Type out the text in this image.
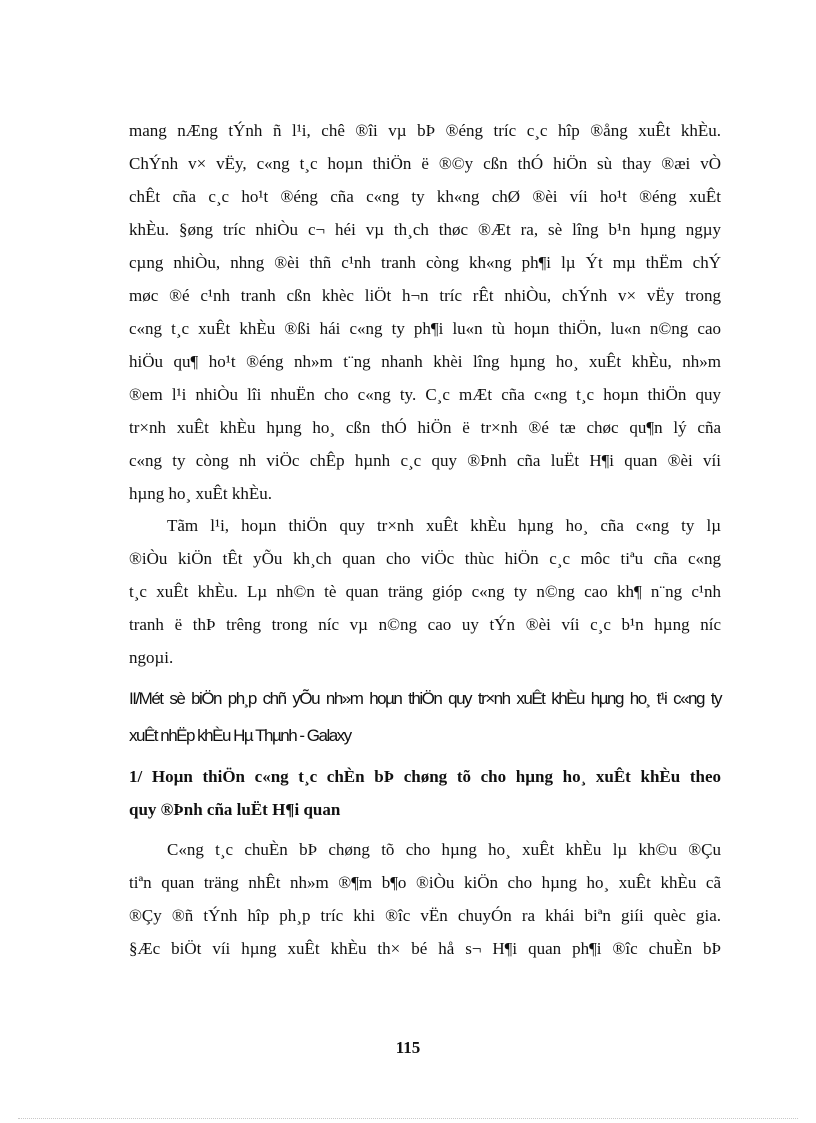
mang nÆng tÝnh ñ l¹i, chê ®îi vµ bÞ ®éng tríc c¸c hîp ®ång xuÊt khÈu.
ChÝnh v× vËy, c«ng t¸c hoµn thiÖn ë ®©y cßn thÓ hiÖn sù thay ®æi vÒ
chÊt cña c¸c ho¹t ®éng cña c«ng ty kh«ng chØ ®èi víi ho¹t ®éng xuÊt
khÈu. §øng tríc nhiÒu c¬ héi vµ th¸ch thøc ®Æt ra, sè lîng b¹n hµng ngµy
cµng nhiÒu, nhng ®èi thñ c¹nh tranh còng kh«ng ph¶i lµ Ýt mµ thËm chÝ
møc ®é c¹nh tranh cßn khèc liÖt h¬n tríc rÊt nhiÒu, chÝnh v× vËy trong
c«ng t¸c xuÊt khÈu ®ßi hái c«ng ty ph¶i lu«n tù hoµn thiÖn, lu«n n©ng cao
hiÖu qu¶ ho¹t ®éng nh»m t¨ng nhanh khèi lîng hµng ho¸ xuÊt khÈu, nh»m
®em l¹i nhiÒu lîi nhuËn cho c«ng ty. C¸c mÆt cña c«ng t¸c hoµn thiÖn quy
tr×nh xuÊt khÈu hµng ho¸ cßn thÓ hiÖn ë tr×nh ®é tæ chøc qu¶n lý cña
c«ng ty còng nh viÖc chÊp hµnh c¸c quy ®Þnh cña luËt H¶i quan ®èi víi
hµng ho¸ xuÊt khÈu.
Tãm l¹i, hoµn thiÖn quy tr×nh xuÊt khÈu hµng ho¸ cña c«ng ty lµ
®iÒu kiÖn tÊt yÕu kh¸ch quan cho viÖc thùc hiÖn c¸c môc tiªu cña c«ng
t¸c xuÊt khÈu. Lµ nh©n tè quan träng gióp c«ng ty n©ng cao kh¶ n¨ng c¹nh
tranh ë thÞ trêng trong níc vµ n©ng cao uy tÝn ®èi víi c¸c b¹n hµng níc
ngoµi.
II/Mét sè biÖn ph¸p chñ yÕu nh»m hoµn thiÖn quy tr×nh xuÊt khÈu hµng ho¸ t¹i c«ng ty
xuÊt nhËp khÈu Hµ Thµnh - Galaxy
1/ Hoµn thiÖn c«ng t¸c chÈn bÞ chøng tõ cho hµng ho¸ xuÊt khÈu theo
quy ®Þnh cña luËt H¶i quan
C«ng t¸c chuÈn bÞ chøng tõ cho hµng ho¸ xuÊt khÈu lµ kh©u ®Çu
tiªn quan träng nhÊt nh»m ®¶m b¶o ®iÒu kiÖn cho hµng ho¸ xuÊt khÈu cã
®Çy ®ñ tÝnh hîp ph¸p tríc khi ®îc vËn chuyÓn ra khái biªn giíi quèc gia.
§Æc biÖt víi hµng xuÊt khÈu th× bé hå s¬ H¶i quan ph¶i ®îc chuÈn bÞ
115
